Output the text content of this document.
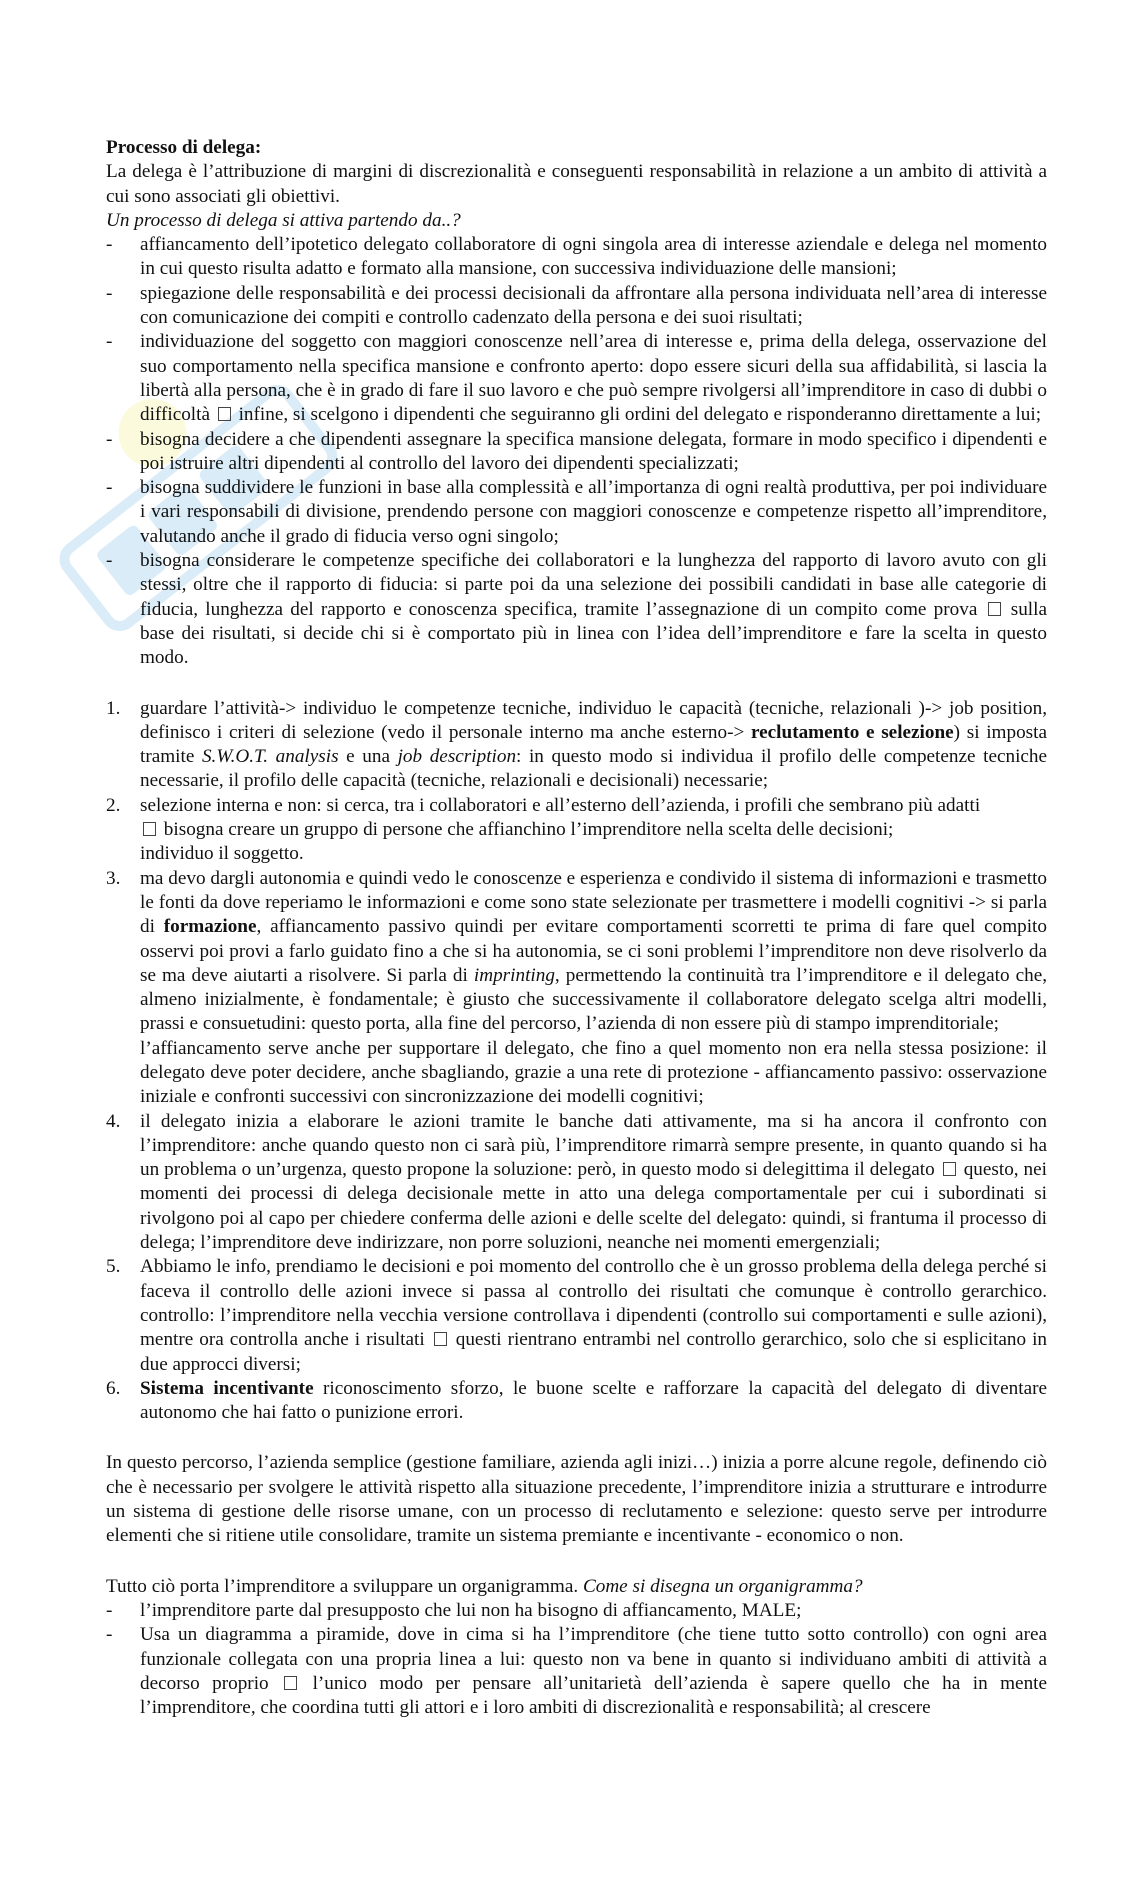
Processo di delega:

La delega è l’attribuzione di margini di discrezionalità e conseguenti responsabilità in relazione a un ambito di attività a cui sono associati gli obiettivi.

Un processo di delega si attiva partendo da..?

- affiancamento dell’ipotetico delegato collaboratore di ogni singola area di interesse aziendale e delega nel momento in cui questo risulta adatto e formato alla mansione, con successiva individuazione delle mansioni;
- spiegazione delle responsabilità e dei processi decisionali da affrontare alla persona individuata nell’area di interesse con comunicazione dei compiti e controllo cadenzato della persona e dei suoi risultati;
- individuazione del soggetto con maggiori conoscenze nell’area di interesse e, prima della delega, osservazione del suo comportamento nella specifica mansione e confronto aperto: dopo essere sicuri della sua affidabilità, si lascia la libertà alla persona, che è in grado di fare il suo lavoro e che può sempre rivolgersi all’imprenditore in caso di dubbi o difficoltà infine, si scelgono i dipendenti che seguiranno gli ordini del delegato e risponderanno direttamente a lui;
- bisogna decidere a che dipendenti assegnare la specifica mansione delegata, formare in modo specifico i dipendenti e poi istruire altri dipendenti al controllo del lavoro dei dipendenti specializzati;
- bisogna suddividere le funzioni in base alla complessità e all’importanza di ogni realtà produttiva, per poi individuare i vari responsabili di divisione, prendendo persone con maggiori conoscenze e competenze rispetto all’imprenditore, valutando anche il grado di fiducia verso ogni singolo;
- bisogna considerare le competenze specifiche dei collaboratori e la lunghezza del rapporto di lavoro avuto con gli stessi, oltre che il rapporto di fiducia: si parte poi da una selezione dei possibili candidati in base alle categorie di fiducia, lunghezza del rapporto e conoscenza specifica, tramite l’assegnazione di un compito come prova sulla base dei risultati, si decide chi si è comportato più in linea con l’idea dell’imprenditore e fare la scelta in questo modo.
1. guardare l’attività-> individuo le competenze tecniche, individuo le capacità (tecniche, relazionali )-> job position, definisco i criteri di selezione (vedo il personale interno ma anche esterno-> reclutamento e selezione) si imposta tramite S.W.O.T. analysis e una job description: in questo modo si individua il profilo delle competenze tecniche necessarie, il profilo delle capacità (tecniche, relazionali e decisionali) necessarie;
2. selezione interna e non: si cerca, tra i collaboratori e all’esterno dell’azienda, i profili che sembrano più adatti
bisogna creare un gruppo di persone che affianchino l’imprenditore nella scelta delle decisioni;
individuo il soggetto.
3. ma devo dargli autonomia e quindi vedo le conoscenze e esperienza e condivido il sistema di informazioni e trasmetto le fonti da dove reperiamo le informazioni e come sono state selezionate per trasmettere i modelli cognitivi -> si parla di formazione, affiancamento passivo quindi per evitare comportamenti scorretti te prima di fare quel compito osservi poi provi a farlo guidato fino a che si ha autonomia, se ci soni problemi l’imprenditore non deve risolverlo da se ma deve aiutarti a risolvere. Si parla di imprinting, permettendo la continuità tra l’imprenditore e il delegato che, almeno inizialmente, è fondamentale; è giusto che successivamente il collaboratore delegato scelga altri modelli, prassi e consuetudini: questo porta, alla fine del percorso, l’azienda di non essere più di stampo imprenditoriale;
l’affiancamento serve anche per supportare il delegato, che fino a quel momento non era nella stessa posizione: il delegato deve poter decidere, anche sbagliando, grazie a una rete di protezione - affiancamento passivo: osservazione iniziale e confronti successivi con sincronizzazione dei modelli cognitivi;
4. il delegato inizia a elaborare le azioni tramite le banche dati attivamente, ma si ha ancora il confronto con l’imprenditore: anche quando questo non ci sarà più, l’imprenditore rimarrà sempre presente, in quanto quando si ha un problema o un’urgenza, questo propone la soluzione: però, in questo modo si delegittima il delegato questo, nei momenti dei processi di delega decisionale mette in atto una delega comportamentale per cui i subordinati si rivolgono poi al capo per chiedere conferma delle azioni e delle scelte del delegato: quindi, si frantuma il processo di delega; l’imprenditore deve indirizzare, non porre soluzioni, neanche nei momenti emergenziali;
5. Abbiamo le info, prendiamo le decisioni e poi momento del controllo che è un grosso problema della delega perché si faceva il controllo delle azioni invece si passa al controllo dei risultati che comunque è controllo gerarchico. controllo: l’imprenditore nella vecchia versione controllava i dipendenti (controllo sui comportamenti e sulle azioni), mentre ora controlla anche i risultati questi rientrano entrambi nel controllo gerarchico, solo che si esplicitano in due approcci diversi;
6. Sistema incentivante riconoscimento sforzo, le buone scelte e rafforzare la capacità del delegato di diventare autonomo che hai fatto o punizione errori.

In questo percorso, l’azienda semplice (gestione familiare, azienda agli inizi…) inizia a porre alcune regole, definendo ciò che è necessario per svolgere le attività rispetto alla situazione precedente, l’imprenditore inizia a strutturare e introdurre un sistema di gestione delle risorse umane, con un processo di reclutamento e selezione: questo serve per introdurre elementi che si ritiene utile consolidare, tramite un sistema premiante e incentivante - economico o non.

Tutto ciò porta l’imprenditore a sviluppare un organigramma. Come si disegna un organigramma?

- l’imprenditore parte dal presupposto che lui non ha bisogno di affiancamento, MALE;
- Usa un diagramma a piramide, dove in cima si ha l’imprenditore (che tiene tutto sotto controllo) con ogni area funzionale collegata con una propria linea a lui: questo non va bene in quanto si individuano ambiti di attività a decorso proprio l’unico modo per pensare all’unitarietà dell’azienda è sapere quello che ha in mente l’imprenditore, che coordina tutti gli attori e i loro ambiti di discrezionalità e responsabilità; al crescere
